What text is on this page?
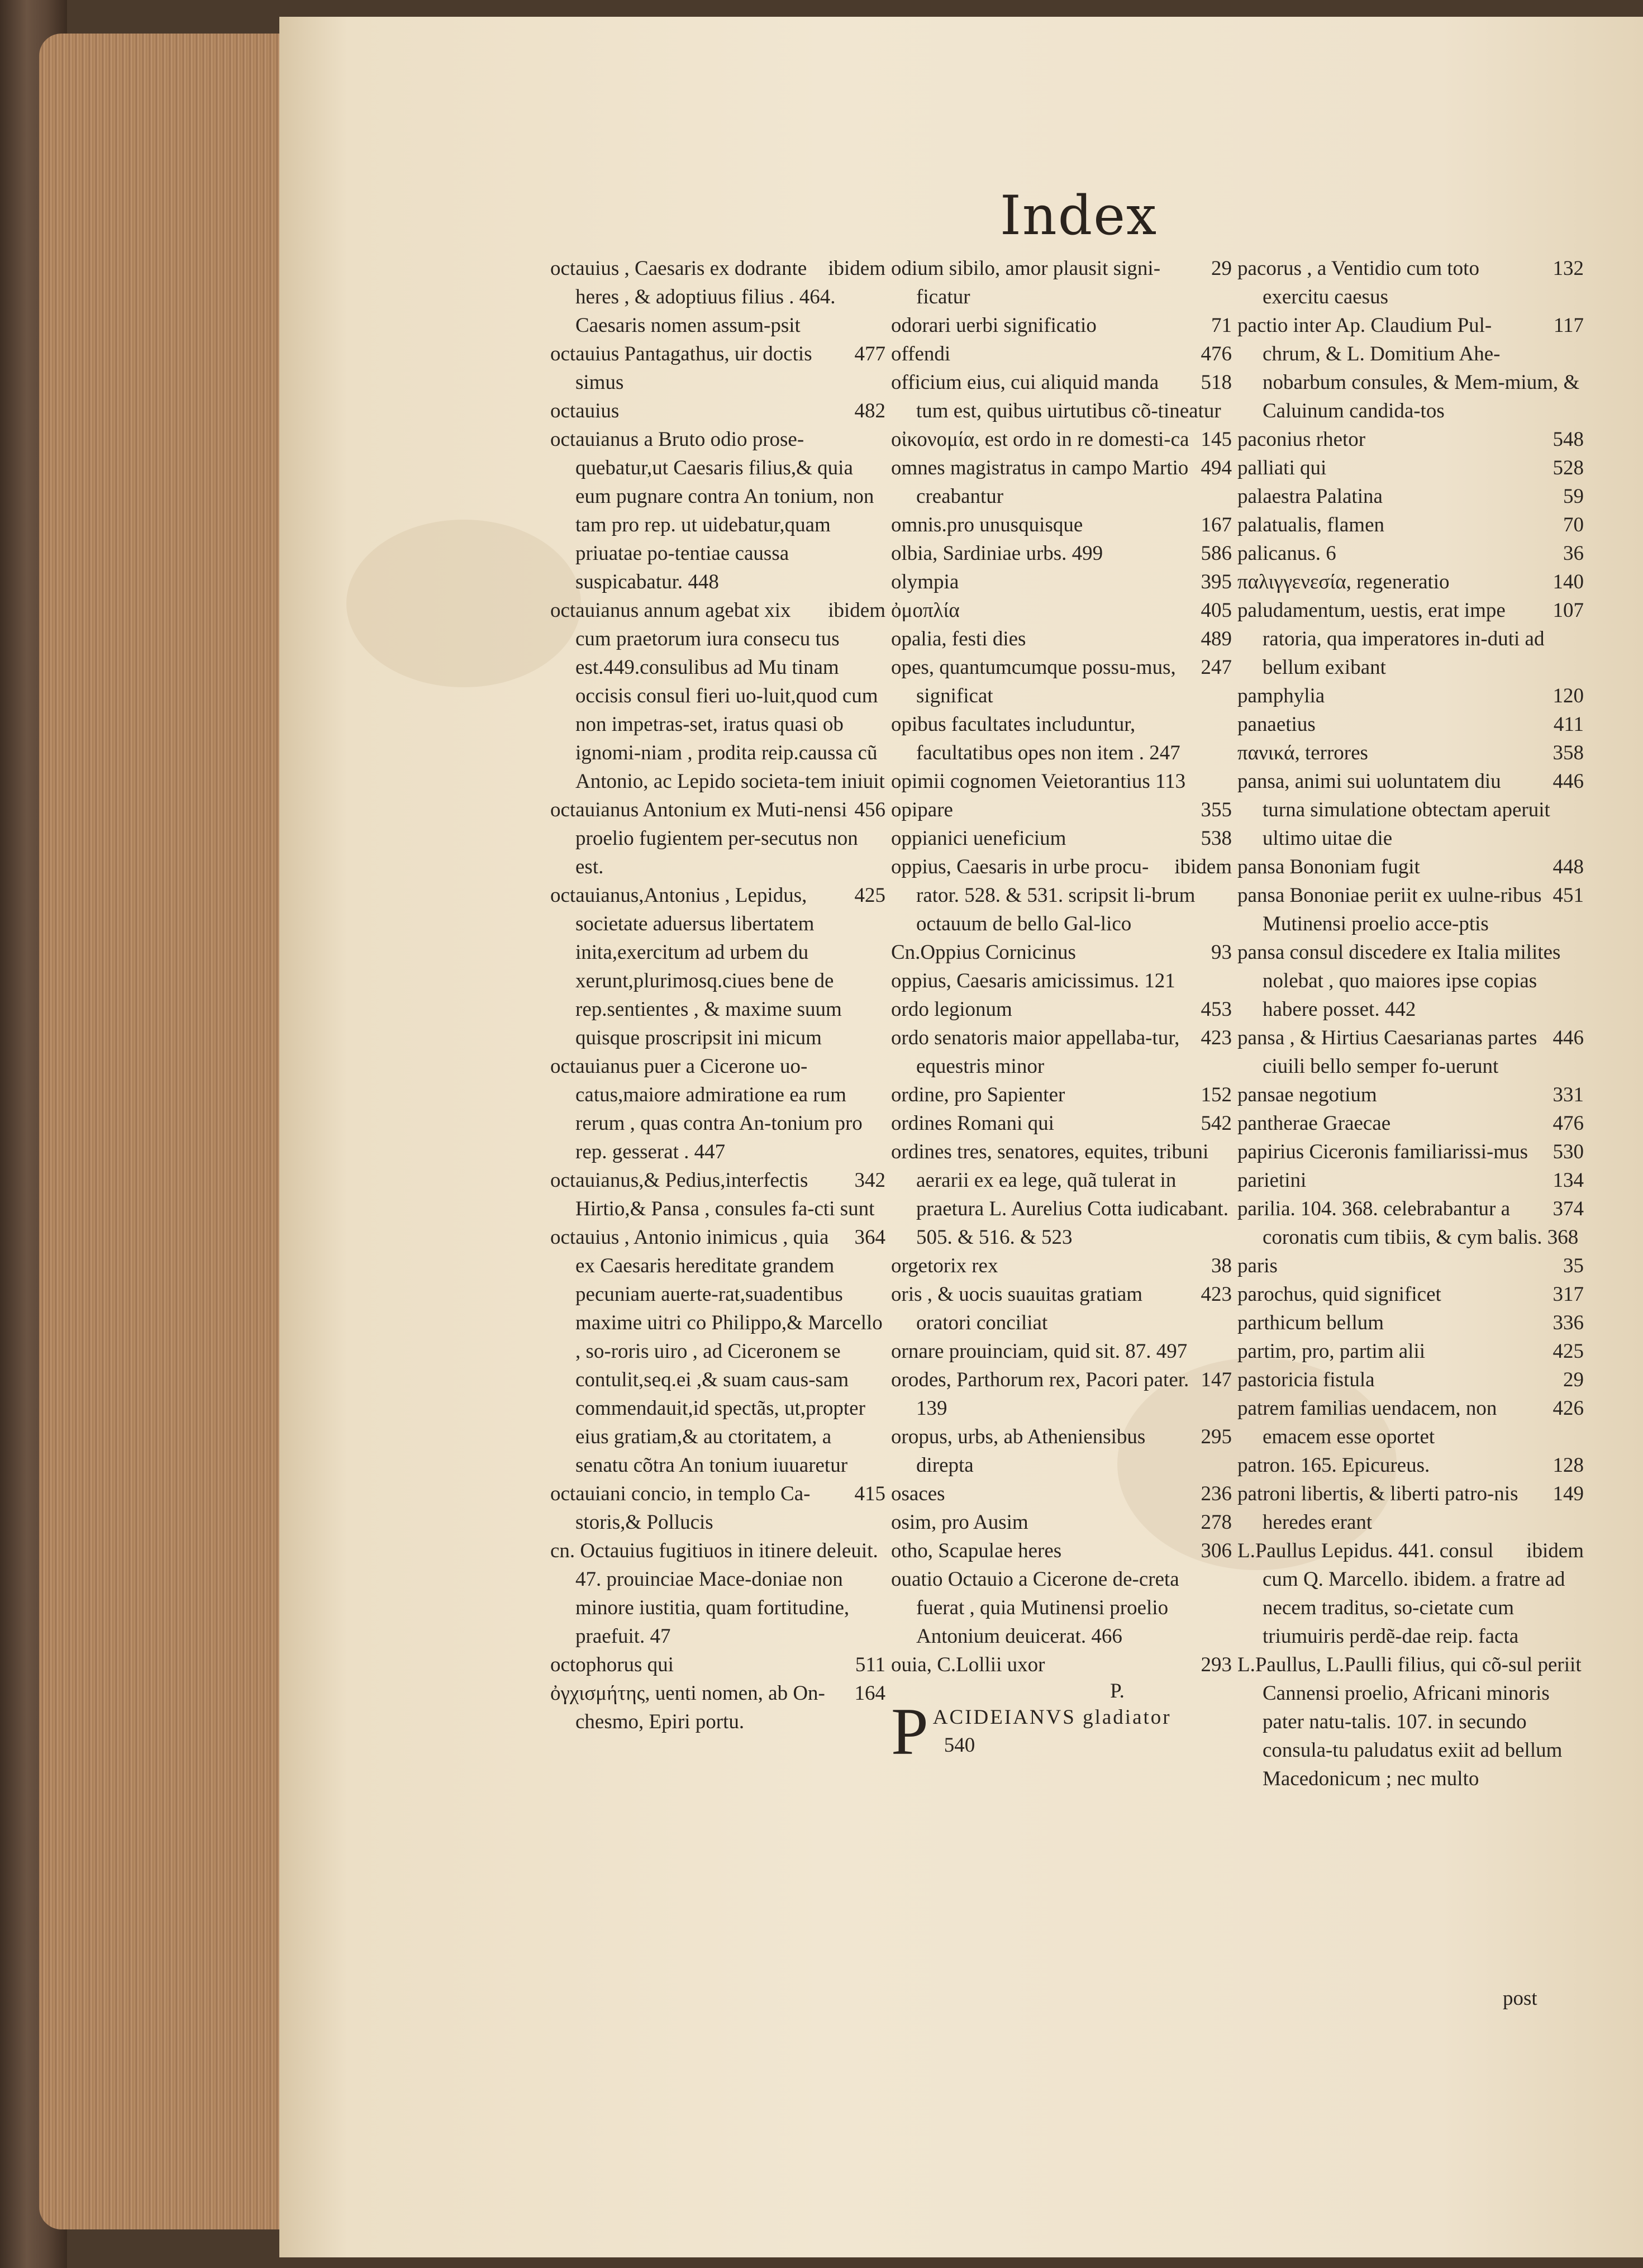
Index
ibidem
octauius , Caesaris ex dodrante heres , & adoptiuus filius . 464. Caesaris nomen assum-psit
477
octauius Pantagathus, uir doctis simus
482
octauius
octauianus a Bruto odio prose-quebatur,ut Caesaris filius,& quia eum pugnare contra An tonium, non tam pro rep. ut uidebatur,quam priuatae po-tentiae caussa suspicabatur. 448
ibidem
octauianus annum agebat xix cum praetorum iura consecu tus est.449.consulibus ad Mu tinam occisis consul fieri uo-luit,quod cum non impetras-set, iratus quasi ob ignomi-niam , prodita reip.caussa cũ Antonio, ac Lepido societa-tem iniuit
456
octauianus Antonium ex Muti-nensi proelio fugientem per-secutus non est.
425
octauianus,Antonius , Lepidus, societate aduersus libertatem inita,exercitum ad urbem du xerunt,plurimosq.ciues bene de rep.sentientes , & maxime suum quisque proscripsit ini micum
octauianus puer a Cicerone uo-catus,maiore admiratione ea rum rerum , quas contra An-tonium pro rep. gesserat . 447
342
octauianus,& Pedius,interfectis Hirtio,& Pansa , consules fa-cti sunt
364
octauius , Antonio inimicus , quia ex Caesaris hereditate grandem pecuniam auerte-rat,suadentibus maxime uitri co Philippo,& Marcello , so-roris uiro , ad Ciceronem se contulit,seq.ei ,& suam caus-sam commendauit,id spectãs, ut,propter eius gratiam,& au ctoritatem, a senatu cõtra An tonium iuuaretur
415
octauiani concio, in templo Ca-storis,& Pollucis
cn. Octauius fugitiuos in itinere deleuit. 47. prouinciae Mace-doniae non minore iustitia, quam fortitudine, praefuit. 47
511
octophorus qui
164
ὀγχισμήτης, uenti nomen, ab On-chesmo, Epiri portu.
29
odium sibilo, amor plausit signi-ficatur
71
odorari uerbi significatio
476
offendi
518
officium eius, cui aliquid manda tum est, quibus uirtutibus cõ-tineatur
145
οἰκονομία, est ordo in re domesti-ca
494
omnes magistratus in campo Martio creabantur
167
omnis.pro unusquisque
586
olbia, Sardiniae urbs. 499
395
olympia
405
ὀμοπλία
489
opalia, festi dies
247
opes, quantumcumque possu-mus, significat
opibus facultates includuntur, facultatibus opes non item . 247
opimii cognomen Veietorantius 113
355
opipare
538
oppianici ueneficium
ibidem
oppius, Caesaris in urbe procu-rator. 528. & 531. scripsit li-brum octauum de bello Gal-lico
93
Cn.Oppius Cornicinus
oppius, Caesaris amicissimus. 121
453
ordo legionum
423
ordo senatoris maior appellaba-tur, equestris minor
152
ordine, pro Sapienter
542
ordines Romani qui
ordines tres, senatores, equites, tribuni aerarii ex ea lege, quã tulerat in praetura L. Aurelius Cotta iudicabant. 505. & 516. & 523
38
orgetorix rex
423
oris , & uocis suauitas gratiam oratori conciliat
ornare prouinciam, quid sit. 87. 497
147
orodes, Parthorum rex, Pacori pater. 139
295
oropus, urbs, ab Atheniensibus direpta
236
osaces
278
osim, pro Ausim
306
otho, Scapulae heres
ouatio Octauio a Cicerone de-creta fuerat , quia Mutinensi proelio Antonium deuicerat. 466
293
ouia, C.Lollii uxor
P.
PACIDEIANVS gladiator
540
132
pacorus , a Ventidio cum toto exercitu caesus
117
pactio inter Ap. Claudium Pul-chrum, & L. Domitium Ahe-nobarbum consules, & Mem-mium, & Caluinum candida-tos
548
paconius rhetor
528
palliati qui
59
palaestra Palatina
70
palatualis, flamen
36
palicanus. 6
140
παλιγγενεσία, regeneratio
107
paludamentum, uestis, erat impe ratoria, qua imperatores in-duti ad bellum exibant
120
pamphylia
411
panaetius
358
πανικά, terrores
446
pansa, animi sui uoluntatem diu turna simulatione obtectam aperuit ultimo uitae die
448
pansa Bononiam fugit
451
pansa Bononiae periit ex uulne-ribus Mutinensi proelio acce-ptis
pansa consul discedere ex Italia milites nolebat , quo maiores ipse copias habere posset. 442
446
pansa , & Hirtius Caesarianas partes ciuili bello semper fo-uerunt
331
pansae negotium
476
pantherae Graecae
530
papirius Ciceronis familiarissi-mus
134
parietini
374
parilia. 104. 368. celebrabantur a coronatis cum tibiis, & cym balis. 368
35
paris
317
parochus, quid significet
336
parthicum bellum
425
partim, pro, partim alii
29
pastoricia fistula
426
patrem familias uendacem, non emacem esse oportet
128
patron. 165. Epicureus.
149
patroni libertis, & liberti patro-nis heredes erant
ibidem
L.Paullus Lepidus. 441. consul cum Q. Marcello. ibidem. a fratre ad necem traditus, so-cietate cum triumuiris perdẽ-dae reip. facta
L.Paullus, L.Paulli filius, qui cõ-sul periit Cannensi proelio, Africani minoris pater natu-talis. 107. in secundo consula-tu paludatus exiit ad bellum Macedonicum ; nec multo
post
